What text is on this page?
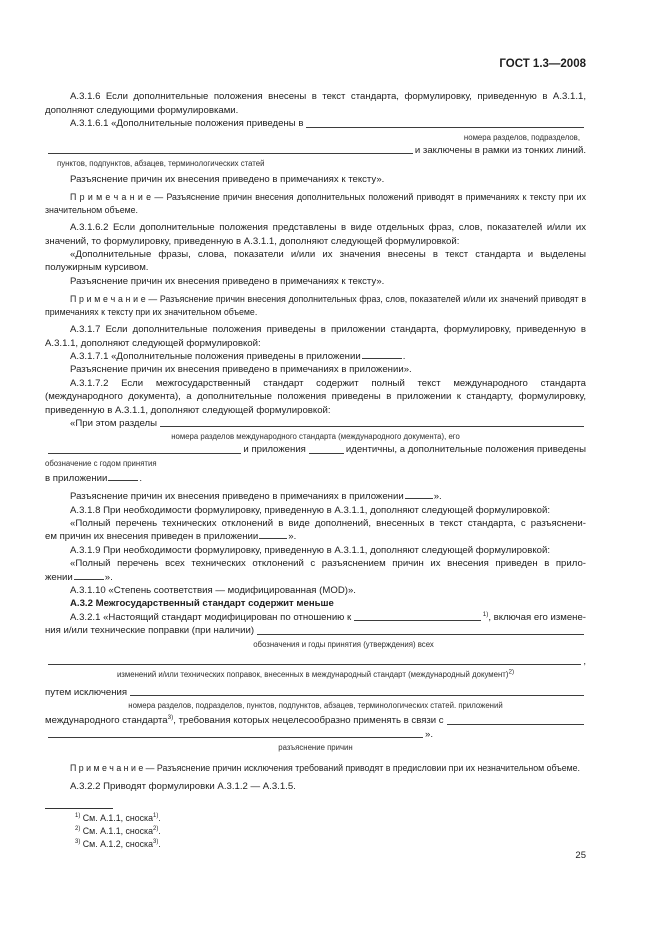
ГОСТ 1.3—2008

А.3.1.6 Если дополнительные положения внесены в текст стандарта, формулировку, приведенную в А.3.1.1, дополняют следующими формулировками.

А.3.1.6.1 «Дополнительные положения приведены в
номера разделов, подразделов,
и заключены в рамки из тонких линий.
пунктов, подпунктов, абзацев, терминологических статей

Разъяснение причин их внесения приведено в примечаниях к тексту».

П р и м е ч а н и е — Разъяснение причин внесения дополнительных положений приводят в примечаниях к тексту при их значительном объеме.

А.3.1.6.2 Если дополнительные положения представлены в виде отдельных фраз, слов, показателей и/или их значений, то формулировку, приведенную в А.3.1.1, дополняют следующей формулировкой:

«Дополнительные фразы, слова, показатели и/или их значения внесены в текст стандарта и выделены полужирным курсивом.

Разъяснение причин их внесения приведено в примечаниях к тексту».

П р и м е ч а н и е — Разъяснение причин внесения дополнительных фраз, слов, показателей и/или их значений приводят в примечаниях к тексту при их значительном объеме.

А.3.1.7 Если дополнительные положения приведены в приложении стандарта, формулировку, приведенную в А.3.1.1, дополняют следующей формулировкой:

А.3.1.7.1 «Дополнительные положения приведены в приложении	.

Разъяснение причин их внесения приведено в примечаниях в приложении».

А.3.1.7.2 Если межгосударственный стандарт содержит полный текст международного стандарта (международного документа), а дополнительные положения приведены в приложении к стандарту, формулировку, приведенную в А.3.1.1, дополняют следующей формулировкой:

«При этом разделы
номера разделов международного стандарта (международного документа), его
и приложения	идентичны, а дополнительные положения приведены
обозначение с годом принятия

в приложении	.

Разъяснение причин их внесения приведено в примечаниях в приложении	».

А.3.1.8 При необходимости формулировку, приведенную в А.3.1.1, дополняют следующей формулировкой:

«Полный перечень технических отклонений в виде дополнений, внесенных в текст стандарта, с разъяснени-

ем причин их внесения приведен в приложении	».

А.3.1.9 При необходимости формулировку, приведенную в А.3.1.1, дополняют следующей формулировкой:

«Полный перечень всех технических отклонений с разъяснением причин их внесения приведен в прило-

жении	».

А.3.1.10 «Степень соответствия — модифицированная (MOD)».

А.3.2 Межгосударственный стандарт содержит меньше

А.3.2.1 «Настоящий стандарт модифицирован по отношению к	$^{1)}$, включая его измене-
ния и/или технические поправки (при наличии)
обозначения и годы принятия (утверждения) всех
,
изменений и/или технических поправок, внесенных в международный стандарт (международный документ)$^{2)}$
путем исключения
номера разделов, подразделов, пунктов, подпунктов, абзацев, терминологических статей. приложений
международного стандарта$^{3)}$, требования которых нецелесообразно применять в связи с
».
разъяснение причин

П р и м е ч а н и е — Разъяснение причин исключения требований приводят в предисловии при их незначительном объеме.

А.3.2.2 Приводят формулировки А.3.1.2 — А.3.1.5.

$^{1)}$ См. А.1.1, сноска$^{1)}$.
$^{2)}$ См. А.1.1, сноска$^{2)}$.
$^{3)}$ См. А.1.2, сноска$^{3)}$.
25
